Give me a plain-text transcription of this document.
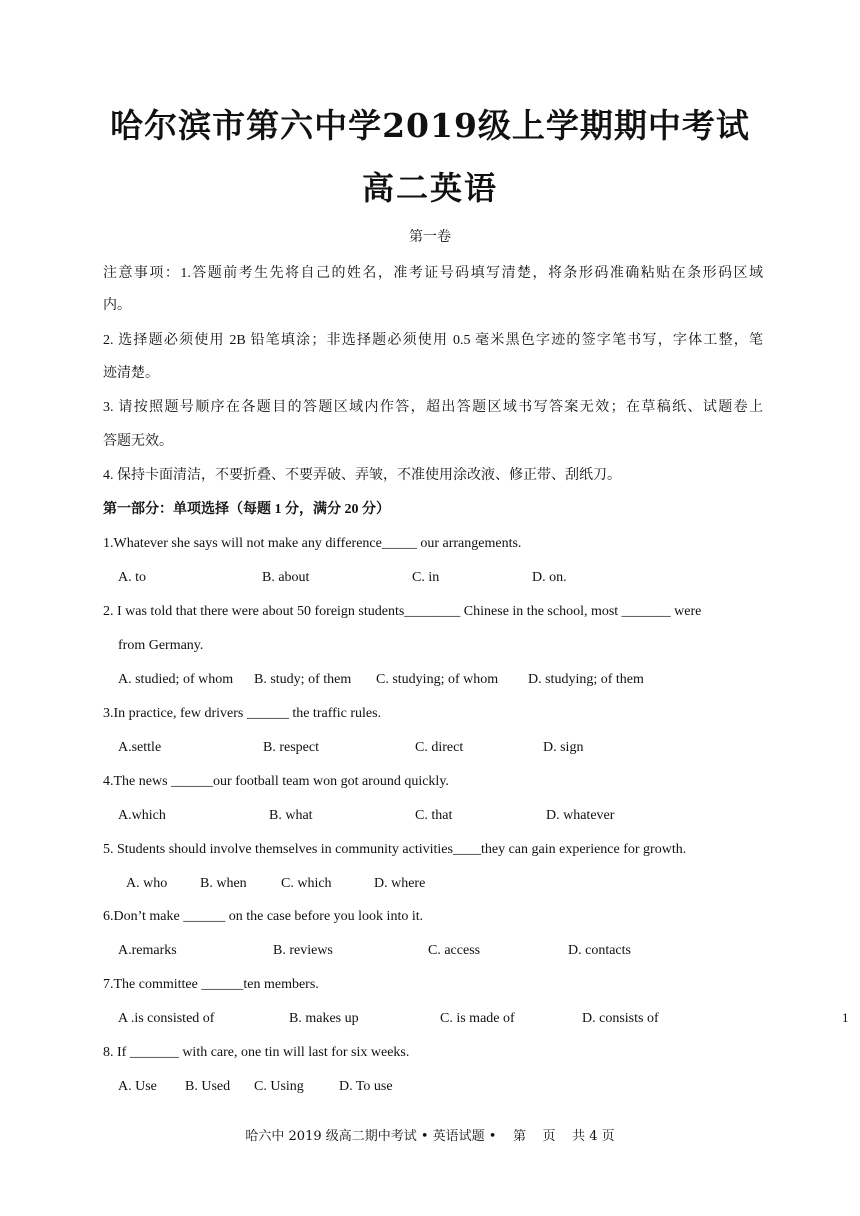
哈尔滨市第六中学2019级上学期期中考试
高二英语
第一卷
注意事项：1.答题前考生先将自己的姓名，准考证号码填写清楚，将条形码准确粘贴在条形码区域
内。
2. 选择题必须使用 2B 铅笔填涂；非选择题必须使用 0.5 毫米黑色字迹的签字笔书写，字体工整，笔
迹清楚。
3. 请按照题号顺序在各题目的答题区域内作答，超出答题区域书写答案无效；在草稿纸、试题卷上
答题无效。
4. 保持卡面清洁，不要折叠、不要弄破、弄皱，不准使用涂改液、修正带、刮纸刀。
第一部分：单项选择（每题 1 分，满分 20 分）
1.Whatever she says will not make any difference_____ our arrangements.
A. to	B. about	C. in	D. on.
2. I was told that there were about 50 foreign students________ Chinese in the school, most _______ were
from Germany.
A. studied; of whom B. study; of them C. studying; of whom D. studying; of them
3.In practice, few drivers ______ the traffic rules.
A.settle	B. respect	C. direct	D. sign
4.The news ______our football team won got around quickly.
A.which	B. what	C. that	D. whatever
5. Students should involve themselves in community activities____they can gain experience for growth.
A. who B. when C. which	D. where
6.Don’t make ______ on the case before you look into it.
A.remarks	B. reviews	C. access	D. contacts
7.The committee ______ten members.
A .is consisted of	B. makes up	C. is made of	D. consists of	1
8. If _______ with care, one tin will last for six weeks.
A. Use B. Used C. Using	D. To use
哈六中 2019 级高二期中考试 • 英语试题 •    第    页    共 4 页
